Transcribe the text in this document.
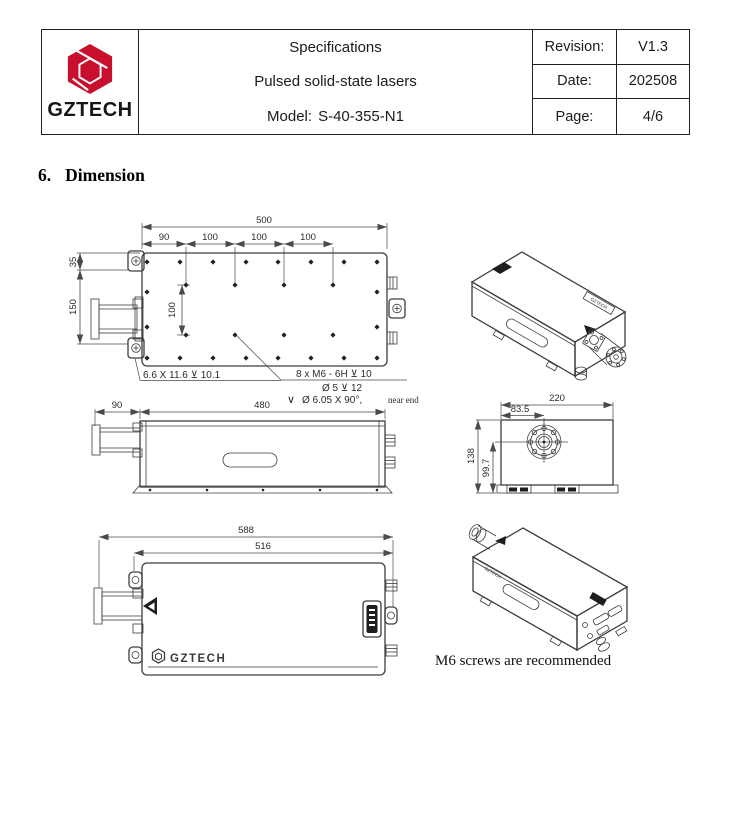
GZTECH
Specifications
Pulsed solid-state lasers
Model: S-40-355-N1
Revision:	V1.3
Date:	202508
Page:	4/6
6. Dimension
500
90	100	100	100
35
150	100
6.6 X 11.6 ⊻ 10.1	8 x M6 - 6H ⊻ 10
Ø 5 ⊻ 12
∨ Ø 6.05 X 90°,	near end
90	480
220
83.5
138
99.7
588
516
GZTECH
GZTECH
GZTECH
M6 screws are recommended
